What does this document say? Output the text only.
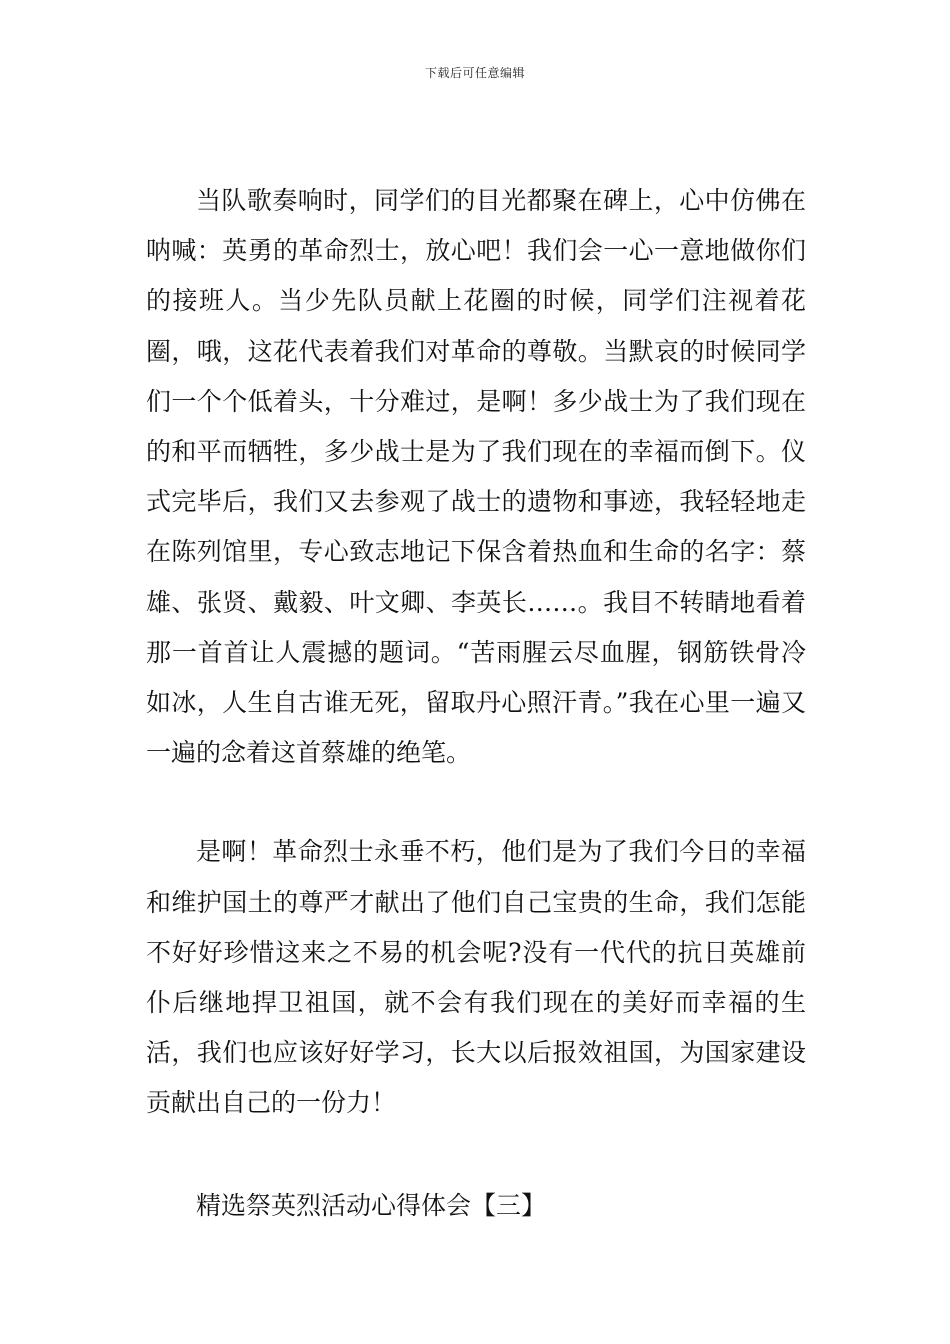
下载后可任意编辑

当队歌奏响时，同学们的目光都聚在碑上，心中仿佛在呐喊：英勇的革命烈士，放心吧！我们会一心一意地做你们的接班人。当少先队员献上花圈的时候，同学们注视着花圈，哦，这花代表着我们对革命的尊敬。当默哀的时候同学们一个个低着头，十分难过，是啊！多少战士为了我们现在的和平而牺牲，多少战士是为了我们现在的幸福而倒下。仪式完毕后，我们又去参观了战士的遗物和事迹，我轻轻地走在陈列馆里，专心致志地记下保含着热血和生命的名字：蔡雄、张贤、戴毅、叶文卿、李英长……。我目不转睛地看着那一首首让人震撼的题词。“苦雨腥云尽血腥，钢筋铁骨冷如冰，人生自古谁无死，留取丹心照汗青。”我在心里一遍又一遍的念着这首蔡雄的绝笔。

是啊！革命烈士永垂不朽，他们是为了我们今日的幸福和维护国土的尊严才献出了他们自己宝贵的生命，我们怎能不好好珍惜这来之不易的机会呢?没有一代代的抗日英雄前仆后继地捍卫祖国，就不会有我们现在的美好而幸福的生活，我们也应该好好学习，长大以后报效祖国，为国家建设贡献出自己的一份力！

精选祭英烈活动心得体会【三】
